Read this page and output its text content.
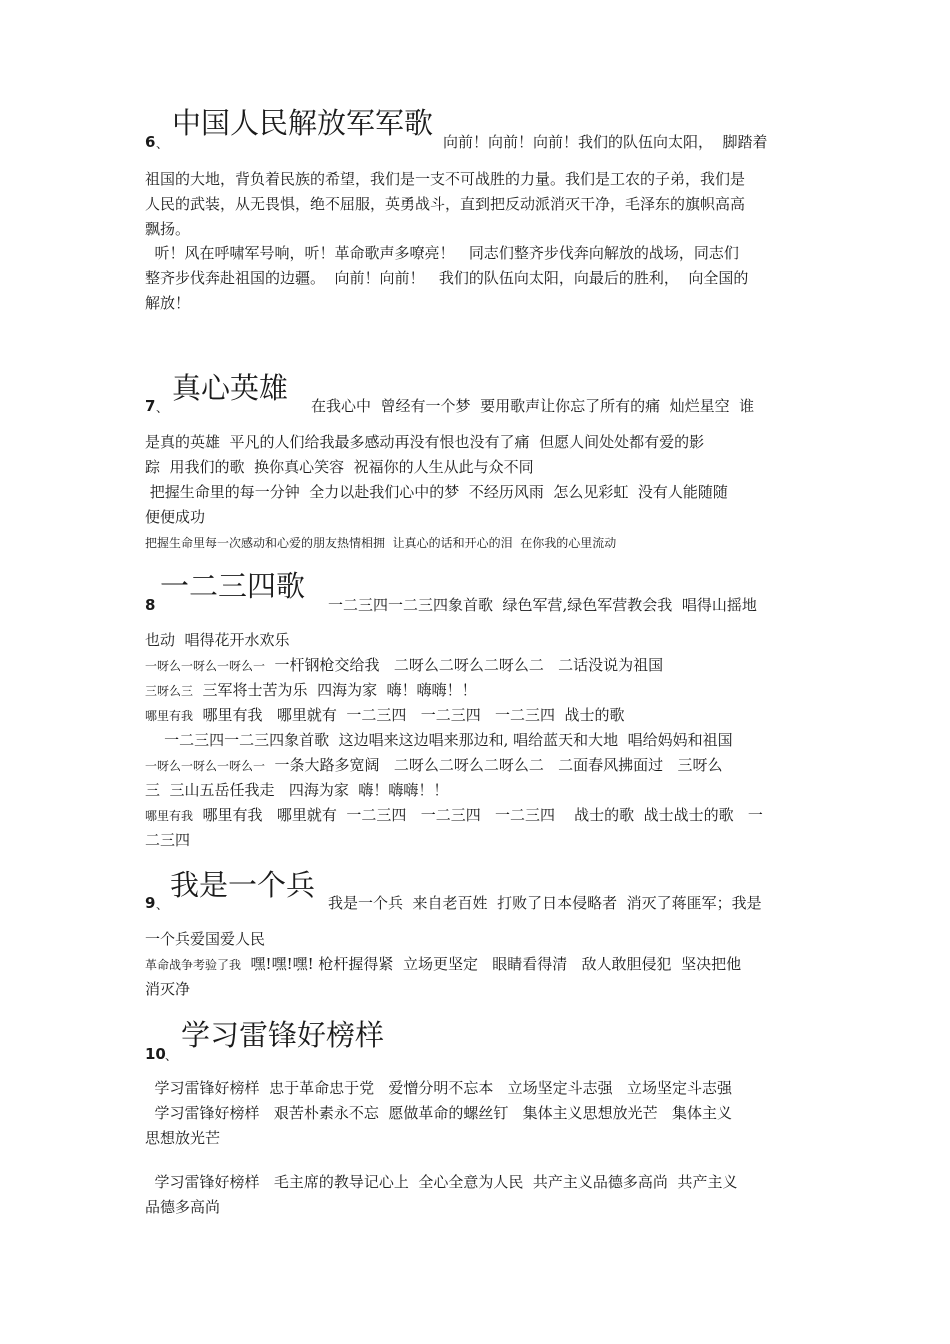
6 、
中国人民解放军军歌
向前！向前！向前！我们的队伍向太阳，  脚踏着
祖国的大地，背负着民族的希望，我们是一支不可战胜的力量。我们是工农的子弟，我们是
人民的武装，从无畏惧，绝不屈服，英勇战斗，直到把反动派消灭干净，毛泽东的旗帜高高
飘扬。
听！风在呼啸军号响，听！革命歌声多嘹亮！   同志们整齐步伐奔向解放的战场，同志们
整齐步伐奔赴祖国的边疆。  向前！向前！   我们的队伍向太阳，向最后的胜利，  向全国的
解放！
7 、
真心英雄
在我心中  曾经有一个梦  要用歌声让你忘了所有的痛  灿烂星空  谁
是真的英雄  平凡的人们给我最多感动再没有恨也没有了痛  但愿人间处处都有爱的影
踪  用我们的歌  换你真心笑容  祝福你的人生从此与众不同
把握生命里的每一分钟  全力以赴我们心中的梦  不经历风雨  怎么见彩虹  没有人能随随
便便成功
把握生命里每一次感动和心爱的朋友热情相拥  让真心的话和开心的泪  在你我的心里流动
8
一二三四歌
一二三四一二三四象首歌  绿色军营,绿色军营教会我  唱得山摇地
也动  唱得花开水欢乐
一呀么一呀么一呀么一  一杆钢枪交给我   二呀么二呀么二呀么二   二话没说为祖国
三呀么三  三军将士苦为乐  四海为家  嗨！嗨嗨！！
哪里有我  哪里有我   哪里就有  一二三四   一二三四   一二三四  战士的歌
一二三四一二三四象首歌  这边唱来这边唱来那边和, 唱给蓝天和大地  唱给妈妈和祖国
一呀么一呀么一呀么一  一条大路多宽阔   二呀么二呀么二呀么二   二面春风拂面过   三呀么
三  三山五岳任我走   四海为家  嗨！嗨嗨！！
哪里有我  哪里有我   哪里就有  一二三四   一二三四   一二三四    战士的歌  战士战士的歌   一
二三四
9 、
我是一个兵
我是一个兵  来自老百姓  打败了日本侵略者  消灭了蒋匪军；我是
一个兵爱国爱人民
革命战争考验了我  嘿!嘿!嘿! 枪杆握得紧  立场更坚定   眼睛看得清   敌人敢胆侵犯  坚决把他
消灭净
10 、
学习雷锋好榜样
学习雷锋好榜样  忠于革命忠于党   爱憎分明不忘本   立场坚定斗志强   立场坚定斗志强
学习雷锋好榜样   艰苦朴素永不忘  愿做革命的螺丝钉   集体主义思想放光芒   集体主义
思想放光芒
学习雷锋好榜样   毛主席的教导记心上  全心全意为人民  共产主义品德多高尚  共产主义
品德多高尚
